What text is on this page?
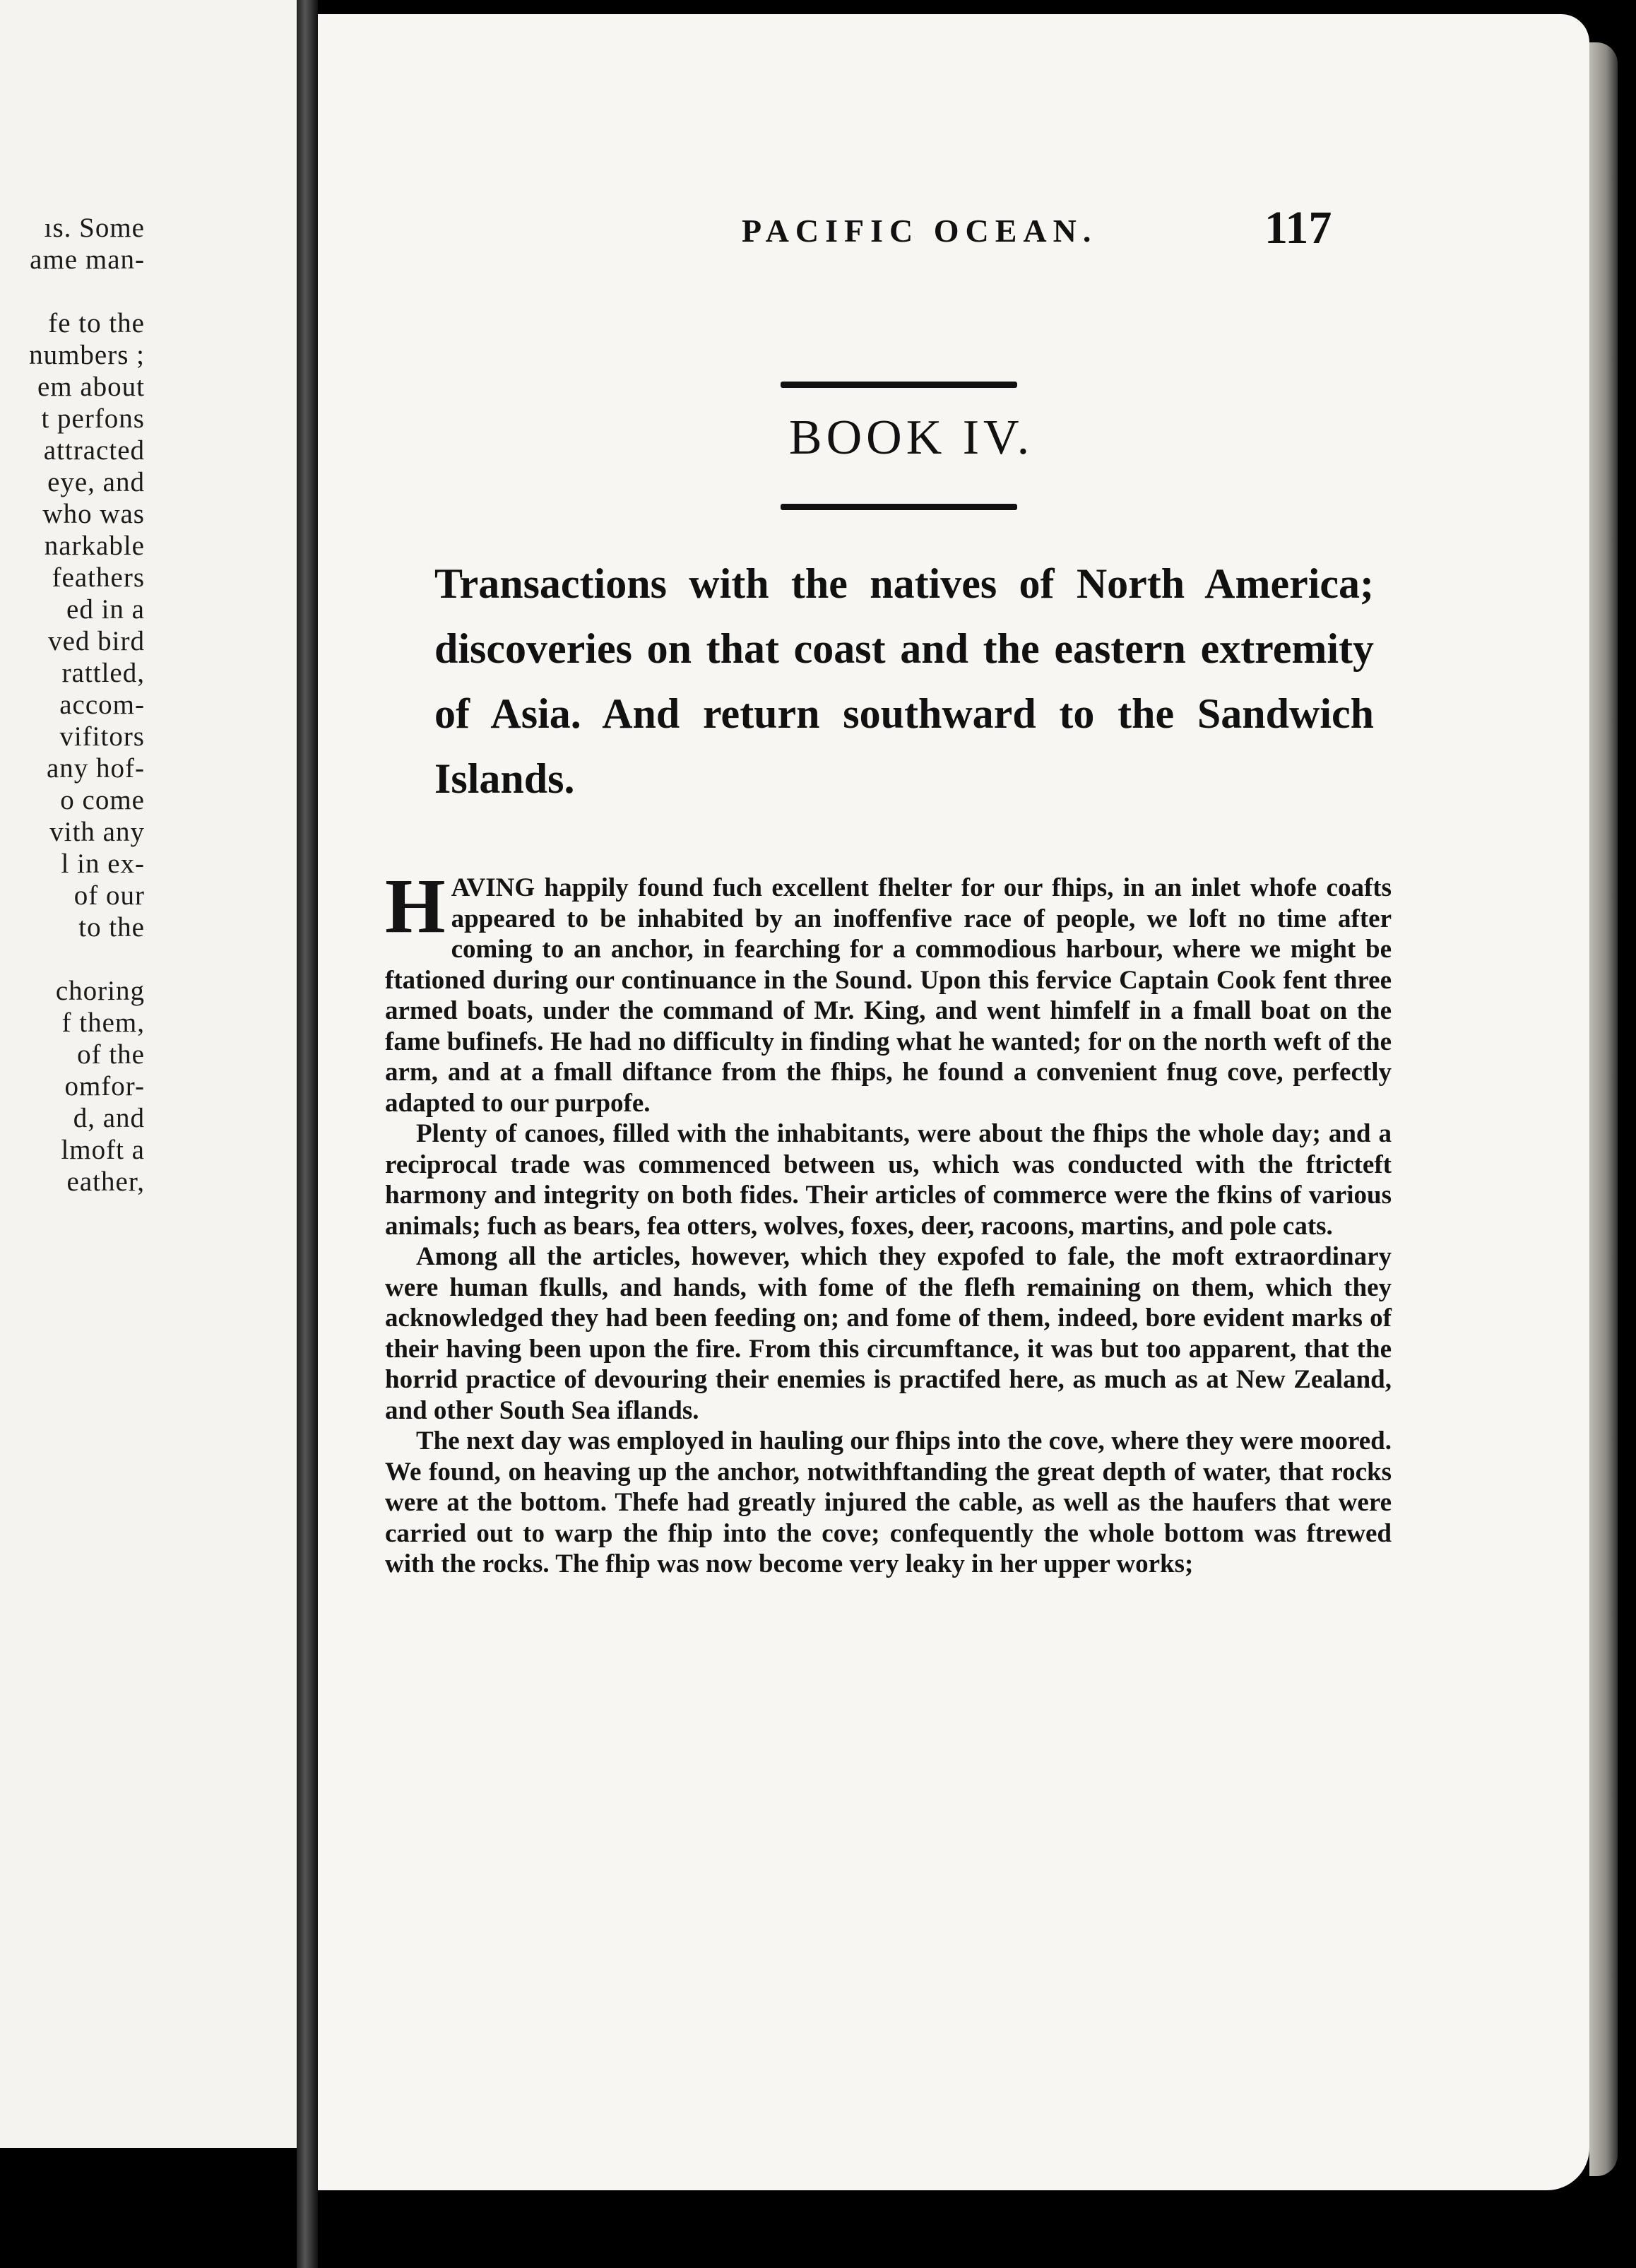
ıs. Some
ame man-
fe to the
numbers ;
em about
t perfons
attracted
eye, and
who was
narkable
feathers
ed in a
ved bird
rattled,
accom-
vifitors
any hof-
o come
vith any
l in ex-
of our
to the
choring
f them,
of the
omfor-
d, and
lmoft a
eather,
PACIFIC OCEAN.	117
BOOK IV.
Transactions with the natives of North America; discoveries on that coast and the eastern extremity of Asia. And return southward to the Sandwich Islands.

HAVING happily found fuch excellent fhelter for our fhips, in an inlet whofe coafts appeared to be inhabited by an inoffenfive race of people, we loft no time after coming to an anchor, in fearching for a commodious harbour, where we might be ftationed during our continuance in the Sound. Upon this fervice Captain Cook fent three armed boats, under the command of Mr. King, and went himfelf in a fmall boat on the fame bufinefs. He had no difficulty in finding what he wanted; for on the north weft of the arm, and at a fmall diftance from the fhips, he found a convenient fnug cove, perfectly adapted to our purpofe.

Plenty of canoes, filled with the inhabitants, were about the fhips the whole day; and a reciprocal trade was commenced between us, which was conducted with the ftricteft harmony and integrity on both fides. Their articles of commerce were the fkins of various animals; fuch as bears, fea otters, wolves, foxes, deer, racoons, martins, and pole cats.

Among all the articles, however, which they expofed to fale, the moft extraordinary were human fkulls, and hands, with fome of the flefh remaining on them, which they acknowledged they had been feeding on; and fome of them, indeed, bore evident marks of their having been upon the fire. From this circumftance, it was but too apparent, that the horrid practice of devouring their enemies is practifed here, as much as at New Zealand, and other South Sea iflands.

The next day was employed in hauling our fhips into the cove, where they were moored. We found, on heaving up the anchor, notwithftanding the great depth of water, that rocks were at the bottom. Thefe had greatly injured the cable, as well as the haufers that were carried out to warp the fhip into the cove; confequently the whole bottom was ftrewed with the rocks. The fhip was now become very leaky in her upper works;
